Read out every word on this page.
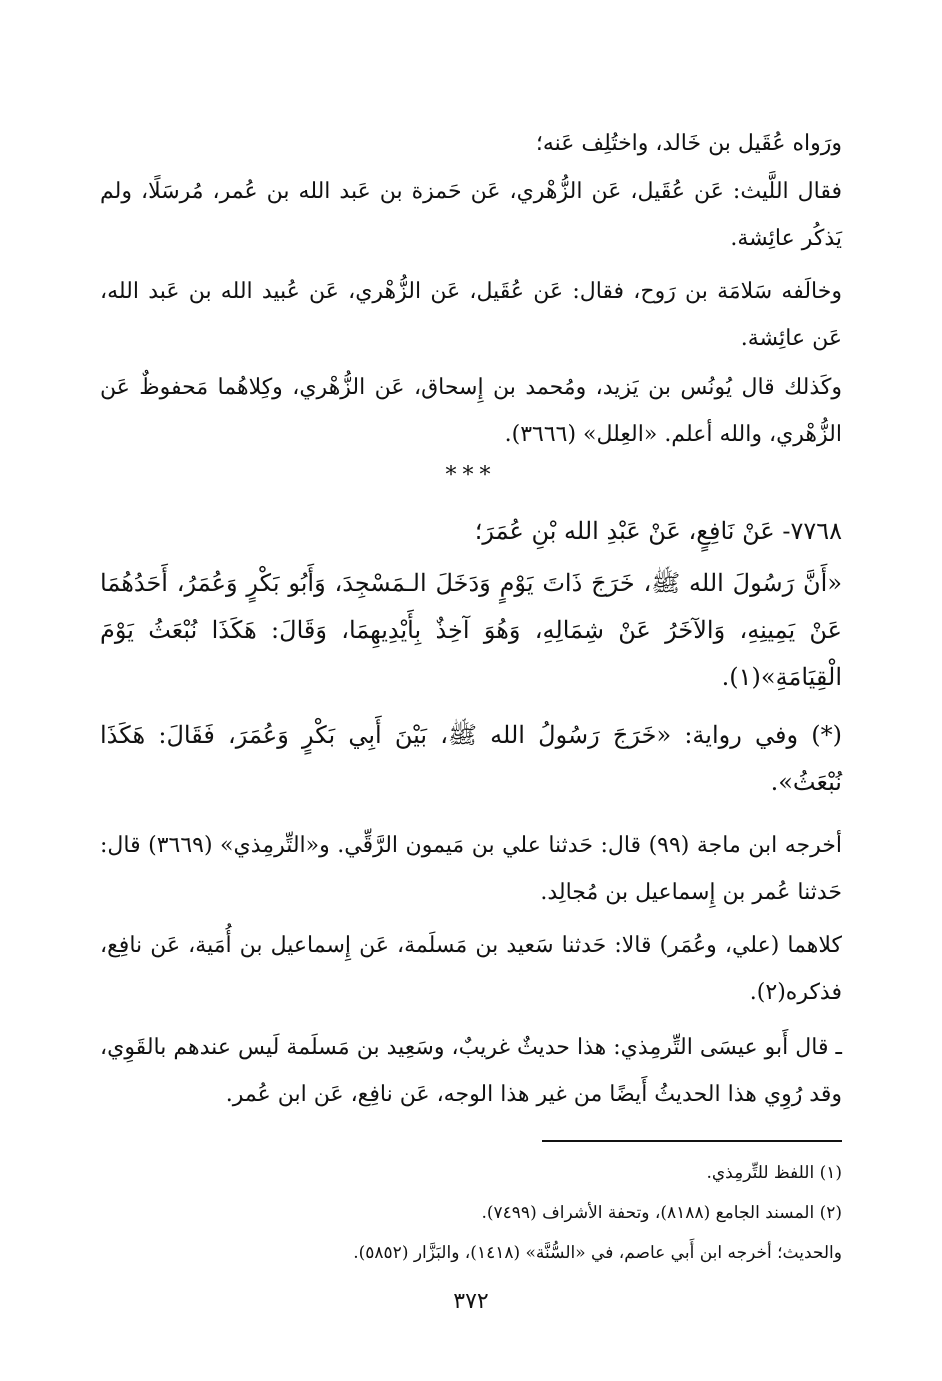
ورَواه عُقَيل بن خَالد، واختُلِف عَنه؛

فقال اللَّيث: عَن عُقَيل، عَن الزُّهْري، عَن حَمزة بن عَبد الله بن عُمر، مُرسَلًا، ولم يَذكُر عائِشة.

وخالَفه سَلامَة بن رَوح، فقال: عَن عُقَيل، عَن الزُّهْري، عَن عُبيد الله بن عَبد الله، عَن عائِشة.

وكَذلك قال يُونُس بن يَزيد، ومُحمد بن إِسحاق، عَن الزُّهْري، وكِلاهُما مَحفوظٌ عَن الزُّهْري، والله أعلم. «العِلل» (٣٦٦٦).

***

٧٧٦٨- عَنْ نَافِعٍ، عَنْ عَبْدِ الله بْنِ عُمَرَ؛

«أَنَّ رَسُولَ الله ﷺ، خَرَجَ ذَاتَ يَوْمٍ وَدَخَلَ الـمَسْجِدَ، وَأَبُو بَكْرٍ وَعُمَرُ، أَحَدُهُمَا عَنْ يَمِينِهِ، وَالآخَرُ عَنْ شِمَالِهِ، وَهُوَ آخِذٌ بِأَيْدِيهِمَا، وَقَالَ: هَكَذَا نُبْعَثُ يَوْمَ الْقِيَامَةِ»(١).

(*) وفي رواية: «خَرَجَ رَسُولُ الله ﷺ، بَيْنَ أَبِي بَكْرٍ وَعُمَرَ، فَقَالَ: هَكَذَا نُبْعَثُ».

أخرجه ابن ماجة (٩٩) قال: حَدثنا علي بن مَيمون الرَّقِّي. و«التِّرمِذي» (٣٦٦٩) قال: حَدثنا عُمر بن إِسماعيل بن مُجالِد.

كلاهما (علي، وعُمَر) قالا: حَدثنا سَعيد بن مَسلَمة، عَن إِسماعيل بن أُمَية، عَن نافِع، فذكره(٢).

ـ قال أَبو عيسَى التِّرمِذي: هذا حديثٌ غريبٌ، وسَعِيد بن مَسلَمة لَيس عندهم بالقَوِي، وقد رُوِي هذا الحديثُ أَيضًا من غير هذا الوجه، عَن نافِع، عَن ابن عُمر.

(١) اللفظ للتِّرمِذي.

(٢) المسند الجامع (٨١٨٨)، وتحفة الأشراف (٧٤٩٩).

والحديث؛ أخرجه ابن أَبي عاصم، في «السُّنَّة» (١٤١٨)، والبَزَّار (٥٨٥٢).

٣٧٢
